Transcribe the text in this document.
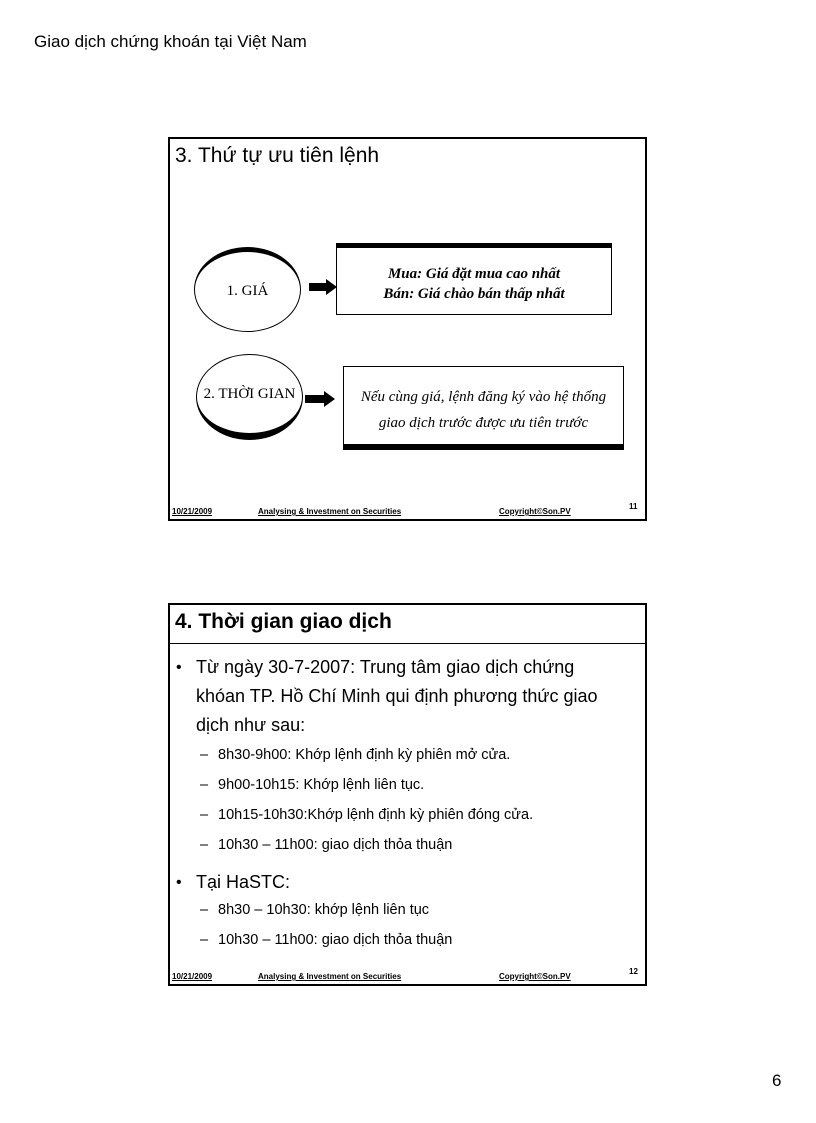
Giao dịch chứng khoán tại Việt Nam
3. Thứ tự ưu tiên lệnh
1. GIÁ
Mua: Giá đặt mua cao nhất
Bán: Giá chào bán thấp nhất
2. THỜI GIAN	Nếu cùng giá, lệnh đăng ký vào hệ thống
giao dịch trước được ưu tiên trước
10/21/2009	Analysing & Investment on Securities	Copyright©Son.PV
11
4. Thời gian giao dịch
• Từ ngày 30-7-2007: Trung tâm giao dịch chứng khóan TP. Hồ Chí Minh qui định phương thức giao dịch như sau:
– 8h30-9h00: Khớp lệnh định kỳ phiên mở cửa.
– 9h00-10h15: Khớp lệnh liên tục.
– 10h15-10h30:Khớp lệnh định kỳ phiên đóng cửa.
– 10h30 – 11h00: giao dịch thỏa thuận
• Tại HaSTC:
– 8h30 – 10h30: khớp lệnh liên tục
– 10h30 – 11h00: giao dịch thỏa thuận
10/21/2009	Analysing & Investment on Securities	Copyright©Son.PV
12
6
